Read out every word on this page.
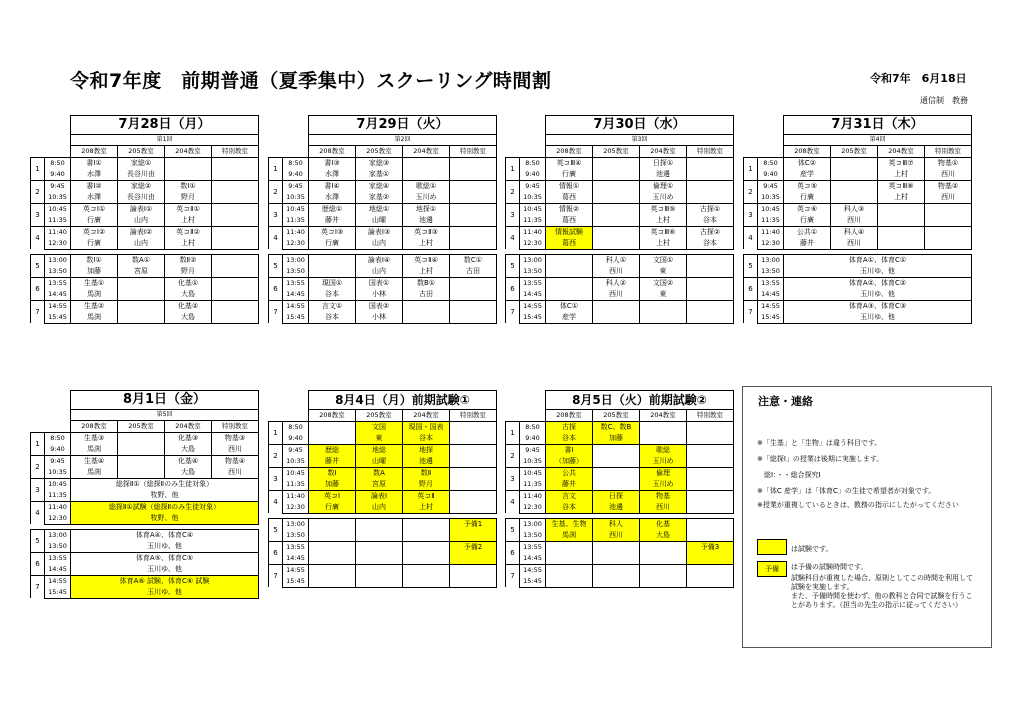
令和7年度　前期普通（夏季集中）スクーリング時間割	令和7年　6月18日
通信制　教務
		7月28日（月）			
		第1回			
		208教室	205教室	204教室	特別教室
1	8:50	書Ⅰ①	家総①		
	9:40	水澤	長谷川由		
2	9:45	書Ⅰ②	家総②	数Ⅰ①	
	10:35	水澤	長谷川由	野月	
3	10:45	英コⅠ①	論表Ⅰ①	英コⅡ①	
	11:35	行廣	山内	上村	
4	11:40	英コⅠ②	論表Ⅰ②	英コⅡ②	
	12:30	行廣	山内	上村	

5	13:00	数Ⅰ①	数A①	数Ⅱ②	
	13:50	加藤	宮原	野月	
6	13:55	生基①		化基①	
	14:45	馬渕		大島	
7	14:55	生基②		化基②	
	15:45	馬渕		大島	
		7月29日（火）			
		第2回			
		208教室	205教室	204教室	特別教室
1	8:50	書Ⅰ③	家総③		
	9:40	水澤	家基①		
2	9:45	書Ⅰ④	家総④	歌総①	
	10:35	水澤	家基②	玉川め	
3	10:45	歴総①	地総①	地探①	
	11:35	藤井	山曜	池邊	
4	11:40	英コⅠ③	論表Ⅰ③	英コⅡ③	
	12:30	行廣	山内	上村	

5	13:00		論表Ⅰ④	英コⅡ④	数C①
	13:50		山内	上村	古田
6	13:55	現国①	国表①	数B①	
	14:45	谷本	小林	古田	
7	14:55	言文①	国表②		
	15:45	谷本	小林		
		7月30日（水）			
		第3回			
		208教室	205教室	204教室	特別教室
1	8:50	英コⅢ④		日探①	
	9:40	行廣		池邊	
2	9:45	情報①		倫理①	
	10:35	葛西		玉川め	
3	10:45	情報②		英コⅢ⑤	古探①
	11:35	葛西		上村	谷本
4	11:40	情報試験		英コⅢ⑥	古探②
	12:30	葛西		上村	谷本

5	13:00		科人①	文国①	
	13:50		西川	東	
6	13:55		科人②	文国②	
	14:45		西川	東	
7	14:55	体C①			
	15:45	産学			
		7月31日（木）			
		第4回			
		208教室	205教室	204教室	特別教室
1	8:50	体C②		英コⅢ⑦	物基①
	9:40	産学		上村	西川
2	9:45	英コ⑤		英コⅢ⑧	物基②
	10:35	行廣		上村	西川
3	10:45	英コ⑥	科人③		
	11:35	行廣	西川		
4	11:40	公共①	科人④		
	12:30	藤井	西川		

5	13:00	体育A①、体育C①			
	13:50	玉川ゆ、他			
6	13:55	体育A②、体育C②			
	14:45	玉川ゆ、他			
7	14:55	体育A③、体育C③			
	15:45	玉川ゆ、他			
		8月1日（金）			
		第5回			
		208教室	205教室	204教室	特別教室
1	8:50	生基③		化基③	物基③
	9:40	馬渕		大島	西川
2	9:45	生基④		化基④	物基④
	10:35	馬渕		大島	西川
3	10:45	総探Ⅱ①（総探Ⅱのみ生徒対象）			
	11:35	牧野、他			
4	11:40	総探Ⅱ①試験（総探Ⅱのみ生徒対象）			
	12:30	牧野、他			

5	13:00	体育A④、体育C④			
	13:50	玉川ゆ、他			
6	13:55	体育A⑤、体育C⑤			
	14:45	玉川ゆ、他			
7	14:55	体育A⑥ 試験、体育C⑥ 試験			
	15:45	玉川ゆ、他			
		8月4日（月）前期試験①			
		208教室	205教室	204教室	特別教室
1	8:50		文国	現国・国表	
	9:40		東	谷本	
2	9:45	歴総	地総	地探	
	10:35	藤井	山曜	池邊	
3	10:45	数Ⅰ	数A	数Ⅱ	
	11:35	加藤	宮原	野月	
4	11:40	英コⅠ	論表Ⅰ	英コⅡ	
	12:30	行廣	山内	上村	

5	13:00				予備1
	13:50				
6	13:55				予備2
	14:45				
7	14:55				
	15:45				
		8月5日（火）前期試験②			
		208教室	205教室	204教室	特別教室
1	8:50	古探	数C、数B		
	9:40	谷本	加藤		
2	9:45	書Ⅰ		歌総	
	10:35	（加藤）		玉川め	
3	10:45	公共		倫理	
	11:35	藤井		玉川め	
4	11:40	言文	日探	物基	
	12:30	谷本	池邊	西川	

5	13:00	生基、生物	科人	化基	
	13:50	馬渕	西川	大島	
6	13:55				予備3
	14:45				
7	14:55				
	15:45				
注意・連絡
※「生基」と「生物」は違う科目です。
※「総探Ⅰ」の授業は後期に実施します。
　総Ⅰ：・・総合探究Ⅰ
※「体C 産学」は「体育C」の生徒で希望者が対象です。
※授業が重複しているときは、教務の指示にしたがってください
は試験です。
予備	は予備の試験時間です。
試験科目が重複した場合、原則としてこの時間を利用して
試験を実施します。
また、予備時間を使わず、他の教科と合同で試験を行うこ
とがあります。（担当の先生の指示に従ってください）
